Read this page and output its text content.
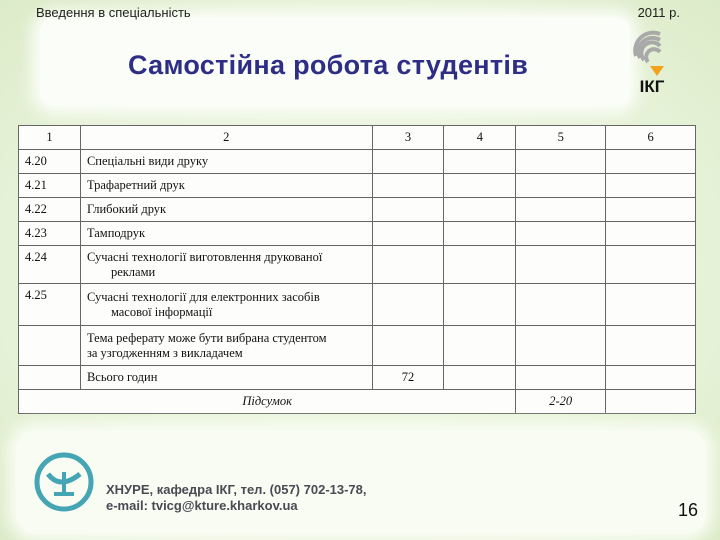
Введення в спеціальність	2011 р.
Самостійна робота студентів
ІКГ
1	2	3	4	5	6
4.20	Спеціальні види друку				
4.21	Трафаретний друк				
4.22	Глибокий друк				
4.23	Тамподрук				
4.24	Сучасні технології виготовлення друкованої
реклами				

4.25	Сучасні технології для електронних засобів
масової інформації				

	Тема реферату може бути вибрана студентом
за узгодженням з викладачем				
	Всього годин	72			
Підсумок				2-20	
ХНУРЕ, кафедра ІКГ, тел. (057) 702-13-78,
e-mail: tvicg@kture.kharkov.ua	16
